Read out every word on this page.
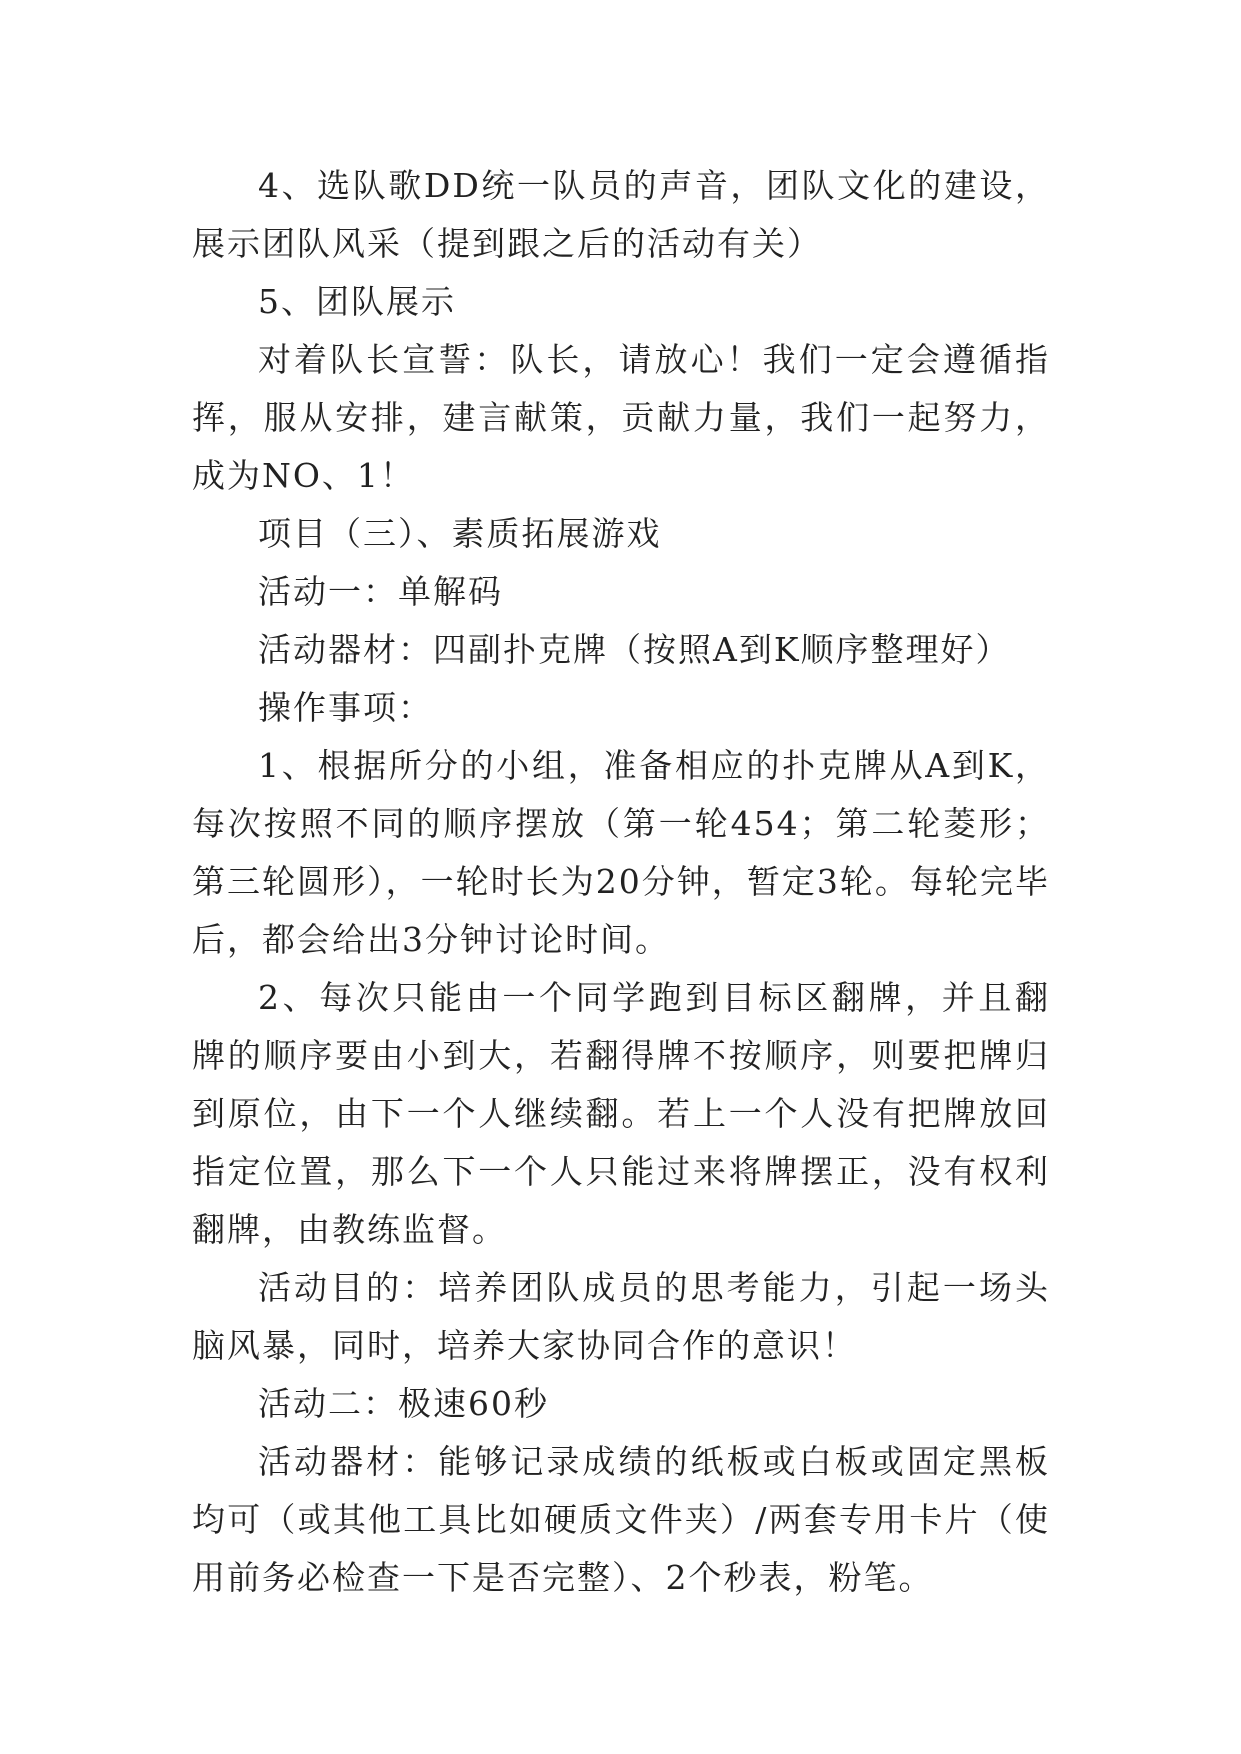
4、选队歌DD统一队员的声音，团队文化的建设，展示团队风采（提到跟之后的活动有关）

5、团队展示

对着队长宣誓：队长，请放心！我们一定会遵循指挥，服从安排，建言献策，贡献力量，我们一起努力，成为NO、1！

项目（三）、素质拓展游戏

活动一：单解码

活动器材：四副扑克牌（按照A到K顺序整理好）

操作事项：

1、根据所分的小组，准备相应的扑克牌从A到K，每次按照不同的顺序摆放（第一轮454；第二轮菱形；第三轮圆形），一轮时长为20分钟，暂定3轮。每轮完毕后，都会给出3分钟讨论时间。

2、每次只能由一个同学跑到目标区翻牌，并且翻牌的顺序要由小到大，若翻得牌不按顺序，则要把牌归到原位，由下一个人继续翻。若上一个人没有把牌放回指定位置，那么下一个人只能过来将牌摆正，没有权利翻牌，由教练监督。

活动目的：培养团队成员的思考能力，引起一场头脑风暴，同时，培养大家协同合作的意识！

活动二：极速60秒

活动器材：能够记录成绩的纸板或白板或固定黑板均可（或其他工具比如硬质文件夹）/两套专用卡片（使用前务必检查一下是否完整）、2个秒表，粉笔。
